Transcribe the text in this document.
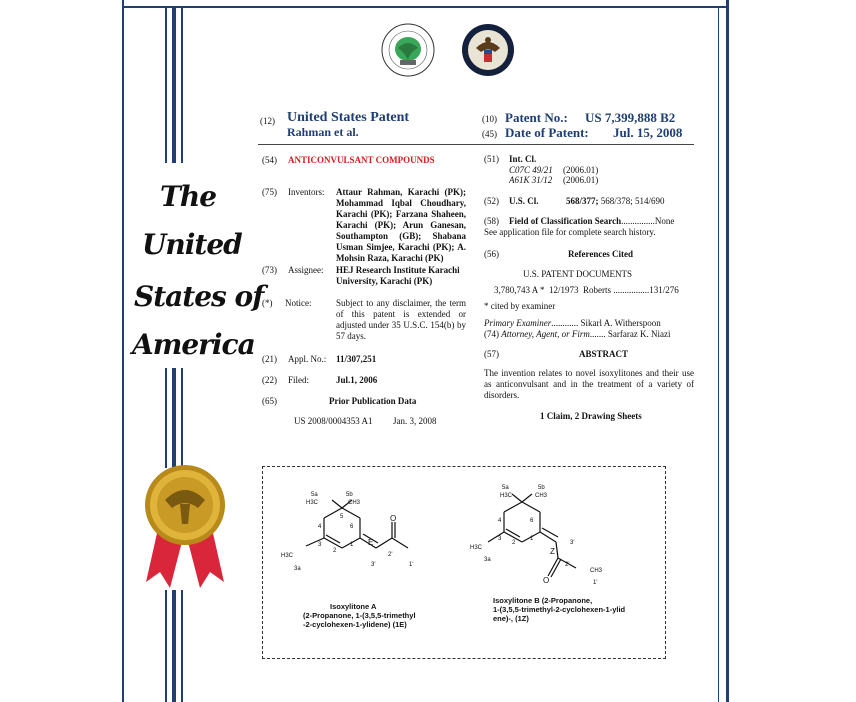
The
United
States of
America
(12) United States Patent
Rahman et al.
(10) Patent No.: US 7,399,888 B2
(45) Date of Patent: Jul. 15, 2008
(54) ANTICONVULSANT COMPOUNDS
(75) Inventors: Attaur Rahman, Karachi (PK); Mohammad Iqbal Choudhary, Karachi (PK); Farzana Shaheen, Karachi (PK); Arun Ganesan, Southampton (GB); Shabana Usman Simjee, Karachi (PK); A. Mohsin Raza, Karachi (PK)
(73) Assignee: HEJ Research Institute Karachi University, Karachi (PK)
(*) Notice:	Subject to any disclaimer, the term of this patent is extended or adjusted under 35 U.S.C. 154(b) by 57 days.
(21) Appl. No.: 11/307,251
(22) Filed:	Jul.1, 2006
(65)	Prior Publication Data
US 2008/0004353 A1 Jan. 3, 2008
(51) Int. Cl.
C07C 49/21 (2006.01)
A61K 31/12 (2006.01)
(52) U.S. Cl.	568/377; 568/378; 514/690
(58) Field of Classification Search...............None
See application file for complete search history.
(56)	References Cited
U.S. PATENT DOCUMENTS
3,780,743 A * 12/1973 Roberts ................131/276
* cited by examiner
Primary Examiner............ Sikarl A. Witherspoon
(74) Attorney, Agent, or Firm....... Sarfaraz K. Niazi
(57)	ABSTRACT
The invention relates to novel isoxylitones and their use as anticonvulsant and in the treatment of a variety of disorders.
1 Claim, 2 Drawing Sheets
5a	5b
H3C	CH3
4
5
6
3
2
1
H3C
3a
E
O
2'
3'	1'
5a	5b
H3C	CH3
4	6
3
2
1
H3C
3a
Z
3'
2'
O
CH3
1'
Isoxylitone A
(2-Propanone, 1-(3,5,5-trimethyl
-2-cyclohexen-1-ylidene) (1E)
Isoxylitone B (2-Propanone,
1-(3,5,5-trimethyl-2-cyclohexen-1-ylid
ene)-, (1Z)
